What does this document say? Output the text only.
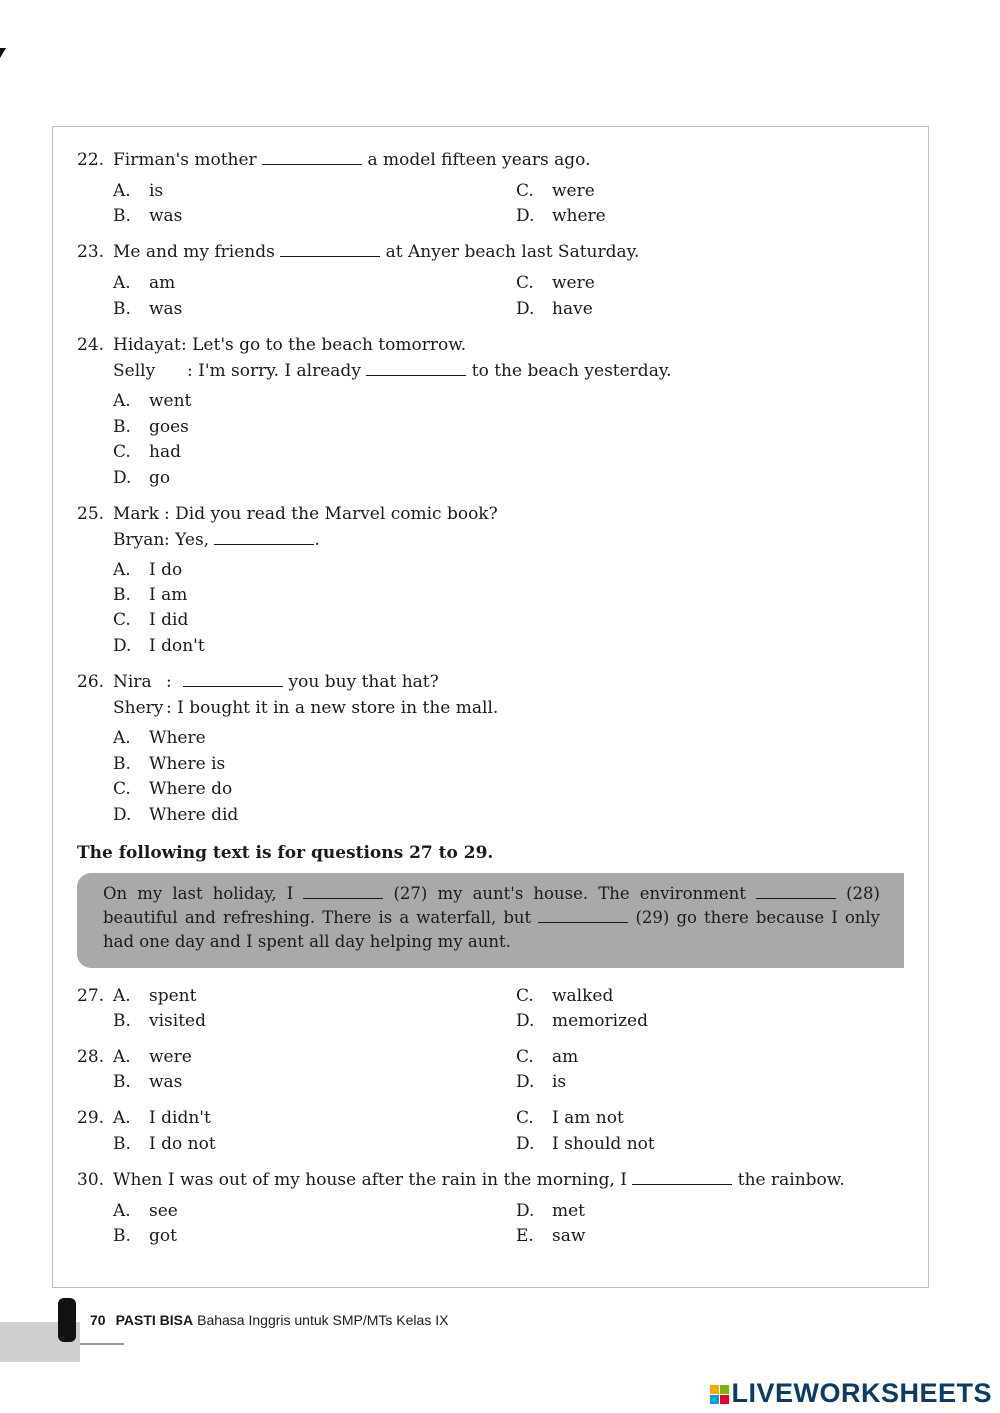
22. Firman's mother	a model fifteen years ago.
A. is
B. was
C. were
D. where
23. Me and my friends	at Anyer beach last Saturday.
A. am
B. was
C. were
D. have
24. Hidayat : Let's go to the beach tomorrow.
Selly : I'm sorry. I already	to the beach yesterday.
A. went
B. goes
C. had
D. go
25. Mark : Did you read the Marvel comic book?
Bryan : Yes,	.
A. I do
B. I am
C. I did
D. I don't
26. Nira :	you buy that hat?
Shery : I bought it in a new store in the mall.
A. Where
B. Where is
C. Where do
D. Where did
The following text is for questions 27 to 29.
On my last holiday, I	(27) my aunt's house. The environment	(28) beautiful and refreshing. There is a waterfall, but	(29) go there because I only had one day and I spent all day helping my aunt.
27. A. spent
B. visited
C. walked
D. memorized
28. A. were
B. was
C. am
D. is
29. A. I didn't
B. I do not
C. I am not
D. I should not
30. When I was out of my house after the rain in the morning, I	the rainbow.
A. see
B. got
D. met
E. saw
70 PASTI BISA Bahasa Inggris untuk SMP/MTs Kelas IX
LIVEWORKSHEETS
